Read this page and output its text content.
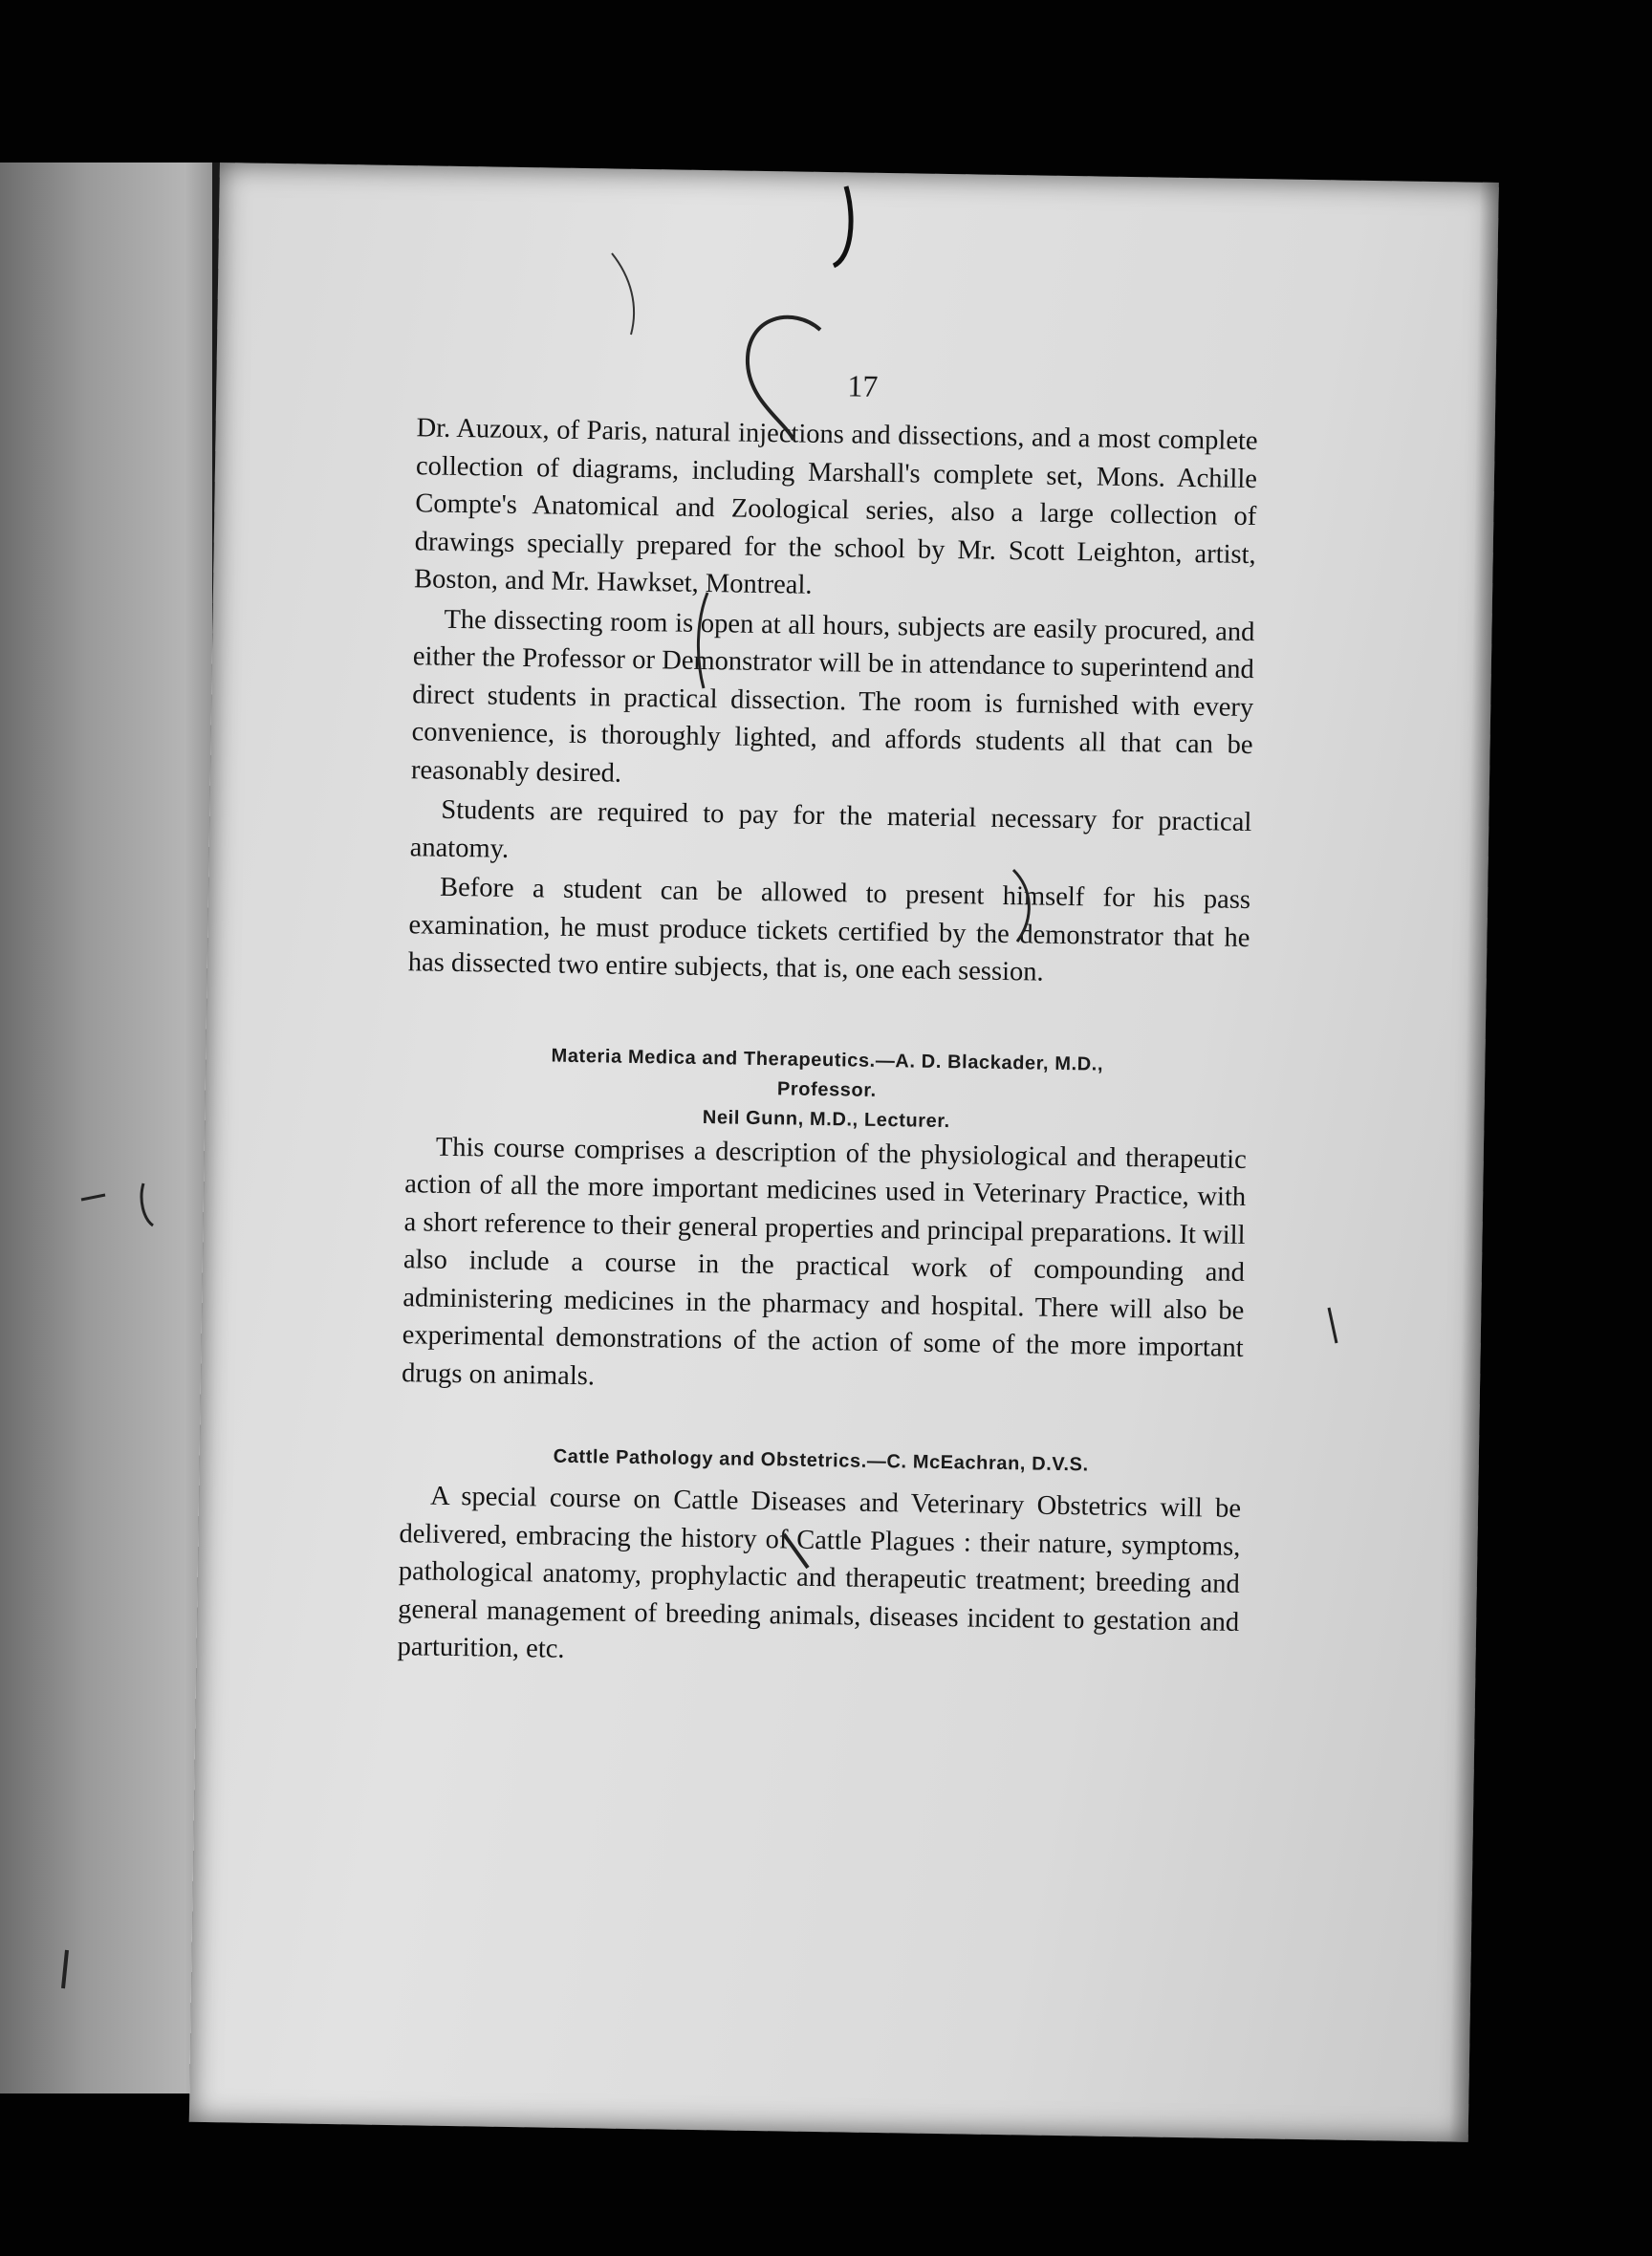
17

Dr. Auzoux, of Paris, natural injections and dissections, and a most complete collection of diagrams, including Marshall's complete set, Mons. Achille Compte's Anatomical and Zoological series, also a large collection of drawings specially prepared for the school by Mr. Scott Leighton, artist, Boston, and Mr. Hawkset, Montreal.

The dissecting room is open at all hours, subjects are easily procured, and either the Professor or Demonstrator will be in attendance to superintend and direct students in practical dissection. The room is furnished with every convenience, is thoroughly lighted, and affords students all that can be reasonably desired.

Students are required to pay for the material necessary for practical anatomy.

Before a student can be allowed to present himself for his pass examination, he must produce tickets certified by the demonstrator that he has dissected two entire subjects, that is, one each session.

Materia Medica and Therapeutics.—A. D. Blackader, M.D.,
Professor.
Neil Gunn, M.D., Lecturer.

This course comprises a description of the physiological and therapeutic action of all the more important medicines used in Veterinary Practice, with a short reference to their general properties and principal preparations. It will also include a course in the practical work of compounding and administering medicines in the pharmacy and hospital. There will also be experimental demonstrations of the action of some of the more important drugs on animals.

Cattle Pathology and Obstetrics.—C. McEachran, D.V.S.

A special course on Cattle Diseases and Veterinary Obstetrics will be delivered, embracing the history of Cattle Plagues : their nature, symptoms, pathological anatomy, prophylactic and therapeutic treatment; breeding and general management of breeding animals, diseases incident to gestation and parturition, etc.
